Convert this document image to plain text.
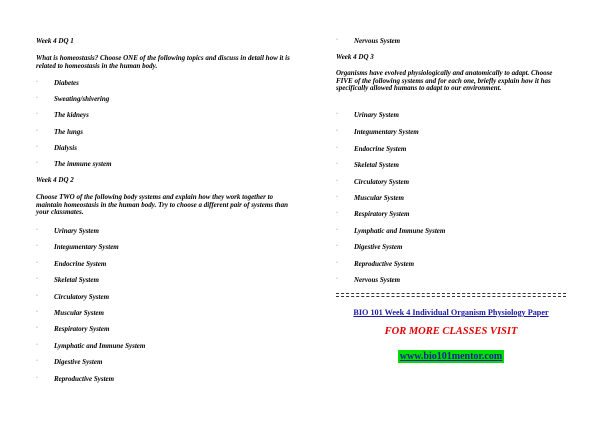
Week 4 DQ 1
What is homeostasis? Choose ONE of the following topics and discuss in detail how it is related to homeostasis in the human body.
· Diabetes
· Sweating/shivering
· The kidneys
· The lungs
· Dialysis
· The immune system
Week 4 DQ 2
Choose TWO of the following body systems and explain how they work together to maintain homeostasis in the human body. Try to choose a different pair of systems than your classmates.
· Urinary System
· Integumentary System
· Endocrine System
· Skeletal System
· Circulatory System
· Muscular System
· Respiratory System
· Lymphatic and Immune System
· Digestive System
· Reproductive System
· Nervous System
Week 4 DQ 3
Organisms have evolved physiologically and anatomically to adapt. Choose FIVE of the following systems and for each one, briefly explain how it has specifically allowed humans to adapt to our environment.
· Urinary System
· Integumentary System
· Endocrine System
· Skeletal System
· Circulatory System
· Muscular System
· Respiratory System
· Lymphatic and Immune System
· Digestive System
· Reproductive System
· Nervous System
BIO 101 Week 4 Individual Organism Physiology Paper
FOR MORE CLASSES VISIT
www.bio101mentor.com
